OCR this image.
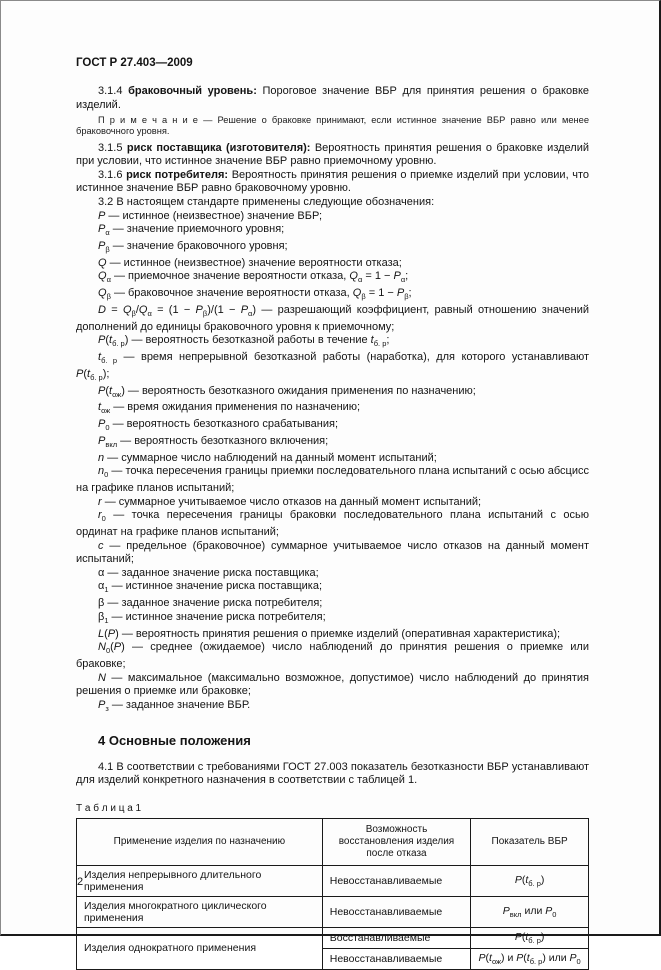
ГОСТ Р 27.403—2009

3.1.4 браковочный уровень: Пороговое значение ВБР для принятия решения о браковке изделий.

П р и м е ч а н и е — Решение о браковке принимают, если истинное значение ВБР равно или менее браковочного уровня.

3.1.5 риск поставщика (изготовителя): Вероятность принятия решения о браковке изделий при условии, что истинное значение ВБР равно приемочному уровню.

3.1.6 риск потребителя: Вероятность принятия решения о приемке изделий при условии, что истинное значение ВБР равно браковочному уровню.

3.2 В настоящем стандарте применены следующие обозначения:

P — истинное (неизвестное) значение ВБР;

$P_\alpha$ — значение приемочного уровня;

$P_\beta$ — значение браковочного уровня;

Q — истинное (неизвестное) значение вероятности отказа;

$Q_\alpha$ — приемочное значение вероятности отказа, $Q_\alpha = 1 - P_\alpha$;

$Q_\beta$ — браковочное значение вероятности отказа, $Q_\beta = 1 - P_\beta$;

$D = Q_\beta/Q_\alpha = (1 - P_\beta)/(1 - P_\alpha)$ — разрешающий коэффициент, равный отношению значений дополнений до единицы браковочного уровня к приемочному;

$P(t_{б. р})$ — вероятность безотказной работы в течение $t_{б. р}$;

$t_{б. р}$ — время непрерывной безотказной работы (наработка), для которого устанавливают $P(t_{б. р})$;

$P(t_{ож})$ — вероятность безотказного ожидания применения по назначению;

$t_{ож}$ — время ожидания применения по назначению;

$P_0$ — вероятность безотказного срабатывания;

$P_{вкл}$ — вероятность безотказного включения;

n — суммарное число наблюдений на данный момент испытаний;

$n_0$ — точка пересечения границы приемки последовательного плана испытаний с осью абсцисс на графике планов испытаний;

r — суммарное учитываемое число отказов на данный момент испытаний;

$r_0$ — точка пересечения границы браковки последовательного плана испытаний с осью ординат на графике планов испытаний;

c — предельное (браковочное) суммарное учитываемое число отказов на данный момент испытаний;

α — заданное значение риска поставщика;

$\alpha_1$ — истинное значение риска поставщика;

β — заданное значение риска потребителя;

$\beta_1$ — истинное значение риска потребителя;

L(P) — вероятность принятия решения о приемке изделий (оперативная характеристика);

$N_0(P)$ — среднее (ожидаемое) число наблюдений до принятия решения о приемке или браковке;

N — максимальное (максимально возможное, допустимое) число наблюдений до принятия решения о приемке или браковке;

$P_з$ — заданное значение ВБР.

4 Основные положения

4.1 В соответствии с требованиями ГОСТ 27.003 показатель безотказности ВБР устанавливают для изделий конкретного назначения в соответствии с таблицей 1.

Т а б л и ц а 1
Применение изделия по назначению	Возможность восстановления изделия после отказа	Показатель ВБР
Изделия непрерывного длительного применения	Невосстанавливаемые	$P(t_{б. р})$
Изделия многократного циклического применения	Невосстанавливаемые	$P_{вкл}$ или $P_0$
Изделия однократного применения	Восстанавливаемые	$P(t_{б. р})$
	Невосстанавливаемые	$P(t_{ож})$ и $P(t_{б. р})$ или $P_0$
2
